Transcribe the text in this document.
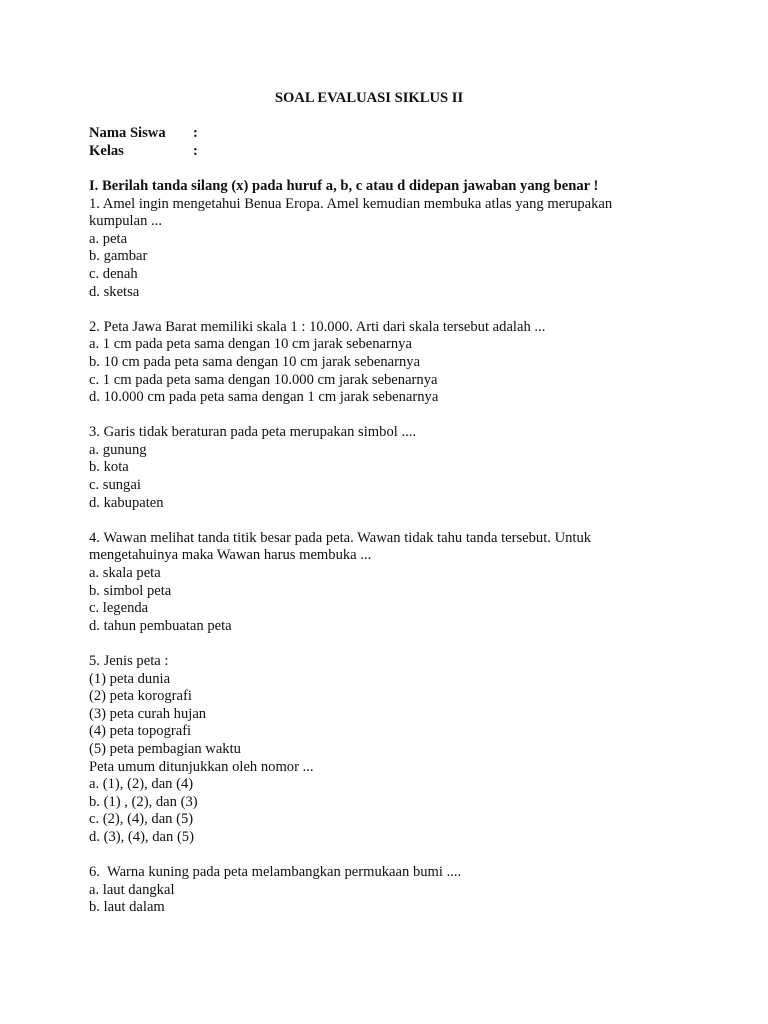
SOAL EVALUASI SIKLUS II
Nama Siswa	:
Kelas	:
I. Berilah tanda silang (x) pada huruf a, b, c atau d didepan jawaban yang benar !
1. Amel ingin mengetahui Benua Eropa. Amel kemudian membuka atlas yang merupakan
kumpulan ...
a. peta
b. gambar
c. denah
d. sketsa
2. Peta Jawa Barat memiliki skala 1 : 10.000. Arti dari skala tersebut adalah ...
a. 1 cm pada peta sama dengan 10 cm jarak sebenarnya
b. 10 cm pada peta sama dengan 10 cm jarak sebenarnya
c. 1 cm pada peta sama dengan 10.000 cm jarak sebenarnya
d. 10.000 cm pada peta sama dengan 1 cm jarak sebenarnya
3. Garis tidak beraturan pada peta merupakan simbol ....
a. gunung
b. kota
c. sungai
d. kabupaten
4. Wawan melihat tanda titik besar pada peta. Wawan tidak tahu tanda tersebut. Untuk
mengetahuinya maka Wawan harus membuka ...
a. skala peta
b. simbol peta
c. legenda
d. tahun pembuatan peta
5. Jenis peta :
(1) peta dunia
(2) peta korografi
(3) peta curah hujan
(4) peta topografi
(5) peta pembagian waktu
Peta umum ditunjukkan oleh nomor ...
a. (1), (2), dan (4)
b. (1) , (2), dan (3)
c. (2), (4), dan (5)
d. (3), (4), dan (5)
6.  Warna kuning pada peta melambangkan permukaan bumi ....
a. laut dangkal
b. laut dalam
